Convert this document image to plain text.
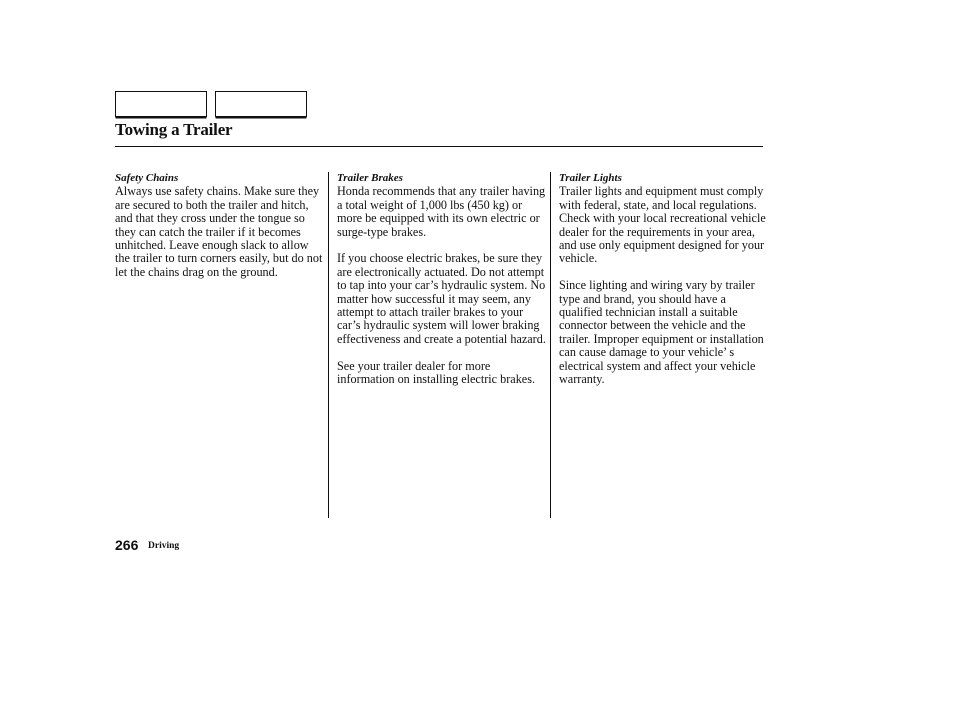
Towing a Trailer
Safety Chains

Always use safety chains. Make sure they are secured to both the trailer and hitch, and that they cross under the tongue so they can catch the trailer if it becomes unhitched. Leave enough slack to allow the trailer to turn corners easily, but do not let the chains drag on the ground.

Trailer Brakes

Honda recommends that any trailer having a total weight of 1,000 lbs (450 kg) or more be equipped with its own electric or surge-type brakes.

If you choose electric brakes, be sure they are electronically actuated. Do not attempt to tap into your car’s hydraulic system. No matter how successful it may seem, any attempt to attach trailer brakes to your car’s hydraulic system will lower braking effectiveness and create a potential hazard.

See your trailer dealer for more information on installing electric brakes.

Trailer Lights

Trailer lights and equipment must comply with federal, state, and local regulations. Check with your local recreational vehicle dealer for the requirements in your area, and use only equipment designed for your vehicle.

Since lighting and wiring vary by trailer type and brand, you should have a qualified technician install a suitable connector between the vehicle and the trailer. Improper equipment or installation can cause damage to your vehicle’ s electrical system and affect your vehicle warranty.

266 Driving
